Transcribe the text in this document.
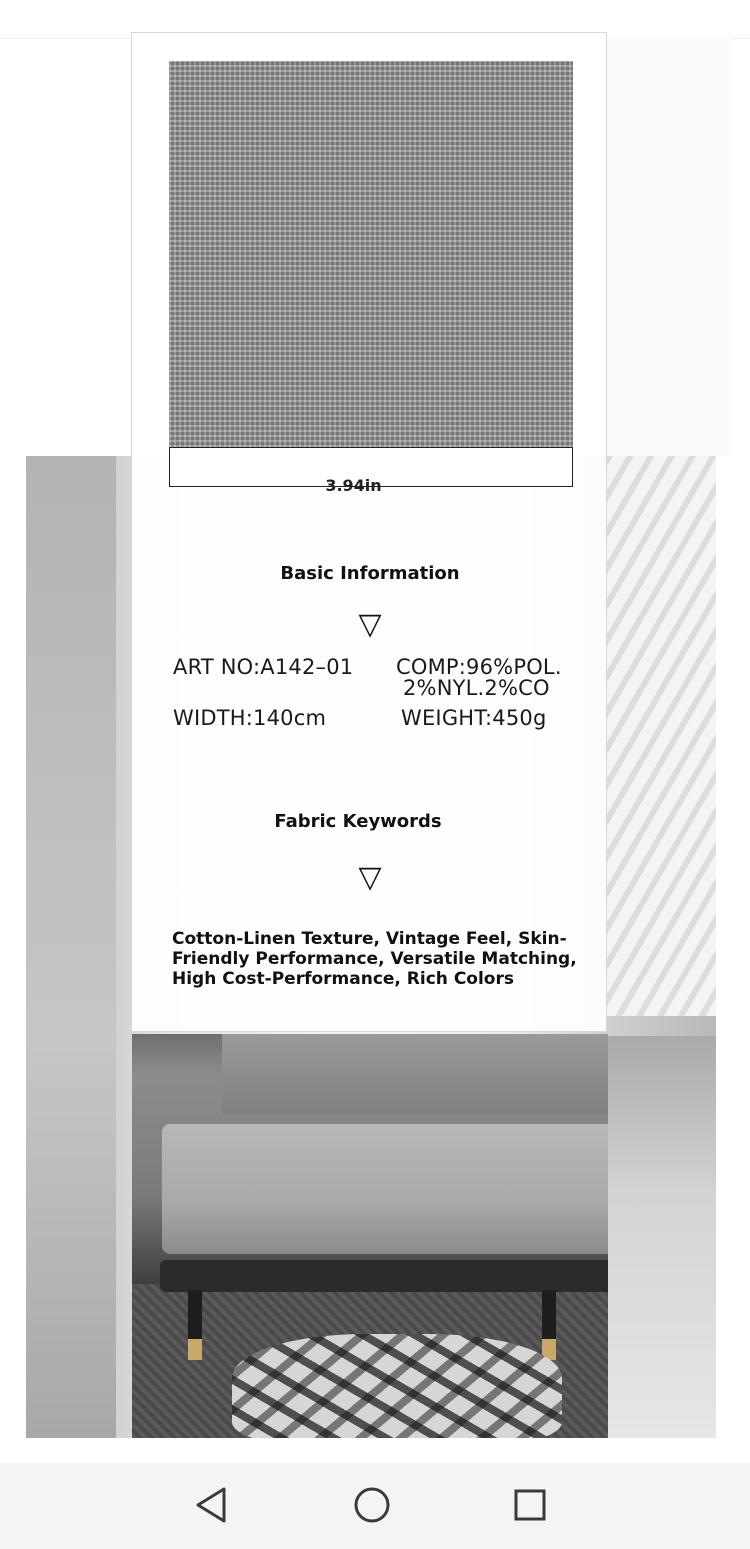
3.94in
Basic Information
▽
ART NO:A142–01 COMP:96%POL.
2%NYL.2%CO
WIDTH:140cm	WEIGHT:450g
Fabric Keywords
▽
Cotton-Linen Texture, Vintage Feel, Skin-Friendly Performance, Versatile Matching, High Cost-Performance, Rich Colors
